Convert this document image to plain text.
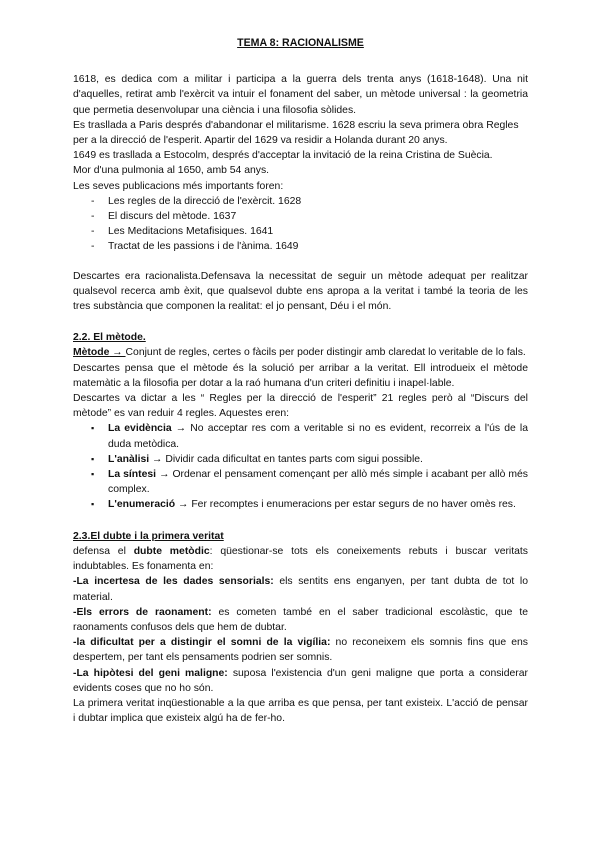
TEMA 8: RACIONALISME

1618, es dedica com a militar i participa a la guerra dels trenta anys (1618-1648). Una nit d'aquelles, retirat amb l'exèrcit va intuir el fonament del saber, un mètode universal : la geometria que permetia desenvolupar una ciència i una filosofia sòlides.

Es trasllada a Paris després d'abandonar el militarisme. 1628 escriu la seva primera obra Regles per a la direcció de l'esperit. Apartir del 1629 va residir a Holanda durant 20 anys.

1649 es trasllada a Estocolm, després d'acceptar la invitació de la reina Cristina de Suècia.

Mor d'una pulmonia al 1650, amb 54 anys.

Les seves publicacions més importants foren:

- Les regles de la direcció de l'exèrcit. 1628
- El discurs del mètode. 1637
- Les Meditacions Metafisiques. 1641
- Tractat de les passions i de l'ànima. 1649

Descartes era racionalista.Defensava la necessitat de seguir un mètode adequat per realitzar qualsevol recerca amb èxit, que qualsevol dubte ens apropa a la veritat i també la teoria de les tres substància que componen la realitat: el jo pensant, Déu i el món.

2.2. El mètode.

Mètode → Conjunt de regles, certes o fàcils per poder distingir amb claredat lo veritable de lo fals.

Descartes pensa que el mètode és la solució per arribar a la veritat. Ell introdueix el mètode matemàtic a la filosofia per dotar a la raó humana d'un criteri definitiu i inapel·lable.

Descartes va dictar a les “ Regles per la direcció de l'esperit” 21 regles però al “Discurs del mètode” es van reduir 4 regles. Aquestes eren:

▪ La evidència → No acceptar res com a veritable si no es evident, recorreix a l'ús de la duda metòdica.
▪ L'anàlisi → Dividir cada dificultat en tantes parts com sigui possible.
▪ La síntesi → Ordenar el pensament començant per allò més simple i acabant per allò més complex.
▪ L'enumeració → Fer recomptes i enumeracions per estar segurs de no haver omès res.

2.3.El dubte i la primera veritat

defensa el dubte metòdic: qüestionar-se tots els coneixements rebuts i buscar veritats indubtables. Es fonamenta en:

-La incertesa de les dades sensorials: els sentits ens enganyen, per tant dubta de tot lo material.

-Els errors de raonament: es cometen també en el saber tradicional escolàstic, que te raonaments confusos dels que hem de dubtar.

-la dificultat per a distingir el somni de la vigília: no reconeixem els somnis fins que ens despertem, per tant els pensaments podrien ser somnis.

-La hipòtesi del geni maligne: suposa l'existencia d'un geni maligne que porta a considerar evidents coses que no ho són.

La primera veritat inqüestionable a la que arriba es que pensa, per tant existeix. L'acció de pensar i dubtar implica que existeix algú ha de fer-ho.
